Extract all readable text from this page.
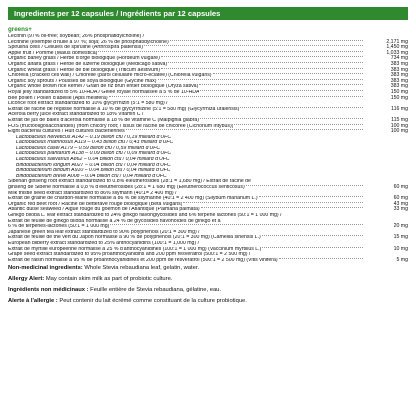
Ingredients per 12 capsules / Ingrédients par 12 capsules
greens+
Lecithin (97% oil-free; soybean; 26% phosphatidylcholine) /
Lécithine (exempte d'huile à 97 %; soja; 26 % de phosphatidylcholine)	2,171 mg
Spirulina cells / Cellules de spiruline (Arthrospira platensis)	1,450 mg
Apple fruit / Pomme (Malus domestica)	1,033 mg
Organic barley grass / Herbe d'orge biologique (Hordeum vulgare)	734 mg
Organic alfalfa grass / Herbe de luzerne biologique (Medicago sativa)	383 mg
Organic wheat grass / Herbe de blé biologique (Triticum aestivum)	383 mg
Chlorella (cracked cell wall) / Chlorelle (paroi cellulaire micro-éclatée) (Chlorella vulgaris)	383 mg
Organic soy sprouts / Pousses de soya biologique (Glycine max)	383 mg
Organic whole brown rice kernel / Grain de riz brun entier biologique (Oryza sativa)	383 mg
Royal jelly standardized to 5% 10-HDA / Gelée royale normalisée à 5 % de 10-HDA	150 mg
Bee pollen / Pollen d'abeille (Apis mellifera)	150 mg
Licorice root extract standardized to 10% glycyrrhizin (5:1 = 580 mg) /
Extrait de racine de réglisse normalisé à 10 % de glycyrrhizine (5:1 = 580 mg) (Glycyrrhiza uralensis)	116 mg
Acerola berry juice extract standardized to 18% Vitamin C /
Extrait de jus de baies d'acérola normalisé à 18 % de vitamine C (Malpighia glabra)	115 mg
FOS (fructooligosaccharides) (from chicory root; / issus de racine de chicorée (Cichorium intybus))	100 mg
Eight bacterial cultures / Huit cultures bactériennes	100 mg
Lactobacillus helveticus A142 – 0.19 billion cfu / 0,19 milliard d'UFC
Lactobacillus rhamnosus A119 – 0.43 billion cfu / 0,43 milliard d'UFC
Lactobacillus casei A179 – 0.59 billion cfu / 0,59 milliard d'UFC
Lactobacillus plantarum A138 – 0.09 billion cfu / 0,09 milliard d'UFC
Lactobacillus salivarius A862 – 0.04 billion cfu / 0,04 milliard d'UFC
Bifidobacterium longum A027 – 0.04 billion cfu / 0,04 milliard d'UFC
Bifidobacterium bifidum A910 – 0.04 billion cfu / 0,04 milliard d'UFC
Bifidobacterium breve A008 – 0.04 billion cfu / 0,04 milliard d'UFC
Siberian ginseng root extract standardized to 0.8% eleutherosides (28:1 = 1,680 mg) / Extrait de racine de
ginseng de Sibérie normalisé à 0,8 % d'éleuthérosides (28:1 = 1 680 mg) (Eleutherococcus senticosus)	60 mg
Milk thistle seed extract standardized to 86% silymarin (40:1= 2 400 mg) /
Extrait de graine de chardon-Marie normalisé à 86 % de silymarine (40:1 = 2 400 mg) (Silybum marianum L.)	60 mg
Organic red beet root / Racine de betterave rouge biologique (Beta vulgaris)	43 mg
Atlantic dulse seaweed / Algue rouge du goémon de l'Atlantique (Palmaria palmata)	33 mg
Ginkgo biloba L. leaf extract standardized to 24% ginkgo flavonglycosides and 6% terpene lactones (50:1 = 1 000 mg) /
Extrait de feuille de ginkgo biloba normalisé à 24 % de glycosides flavonoïdes de ginkgo et à
6 % de terpènes-lactones (50:1 = 1 000 mg)	20 mg
Japanese green tea leaf extract standardized to 90% polyphenols (20:1 = 300 mg) /
Extrait de feuille de thé vert du Japon normalisé à 90 % de polyphénols (20:1 = 300 mg) (Camellia sinensis L.)	15 mg
European bilberry extract standardized to 25% anthocyanidins (100:1 = 1,000 mg) /
Extrait de myrtille européenne normalisé à 25 % d'anthocyanidines (100:1 = 1 000 mg) (Vaccinium myrtillus L.)	10 mg
Grape seed extract standardized to 95% proanthocyanidins and 200 ppm resveratrol (500:1 = 2 500 mg) /
Extrait de raisin normalisé à 95 % de proanthocyanidines et 200 ppm de resvératrol (500:1 = 2 500 mg) (Vitis vinifera)	5 mg

Non-medicinal ingredients: Whole Stevia rebaudiana leaf, gelatin, water.

Allergy Alert: May contain skim milk as part of probiotic culture.

Ingrédients non médicinaux : Feuille entière de Stevia rebaudiana, gélatine, eau.

Alerte à l'allergie : Peut contenir du lait écrémé comme constituant de la culture probiotique.
